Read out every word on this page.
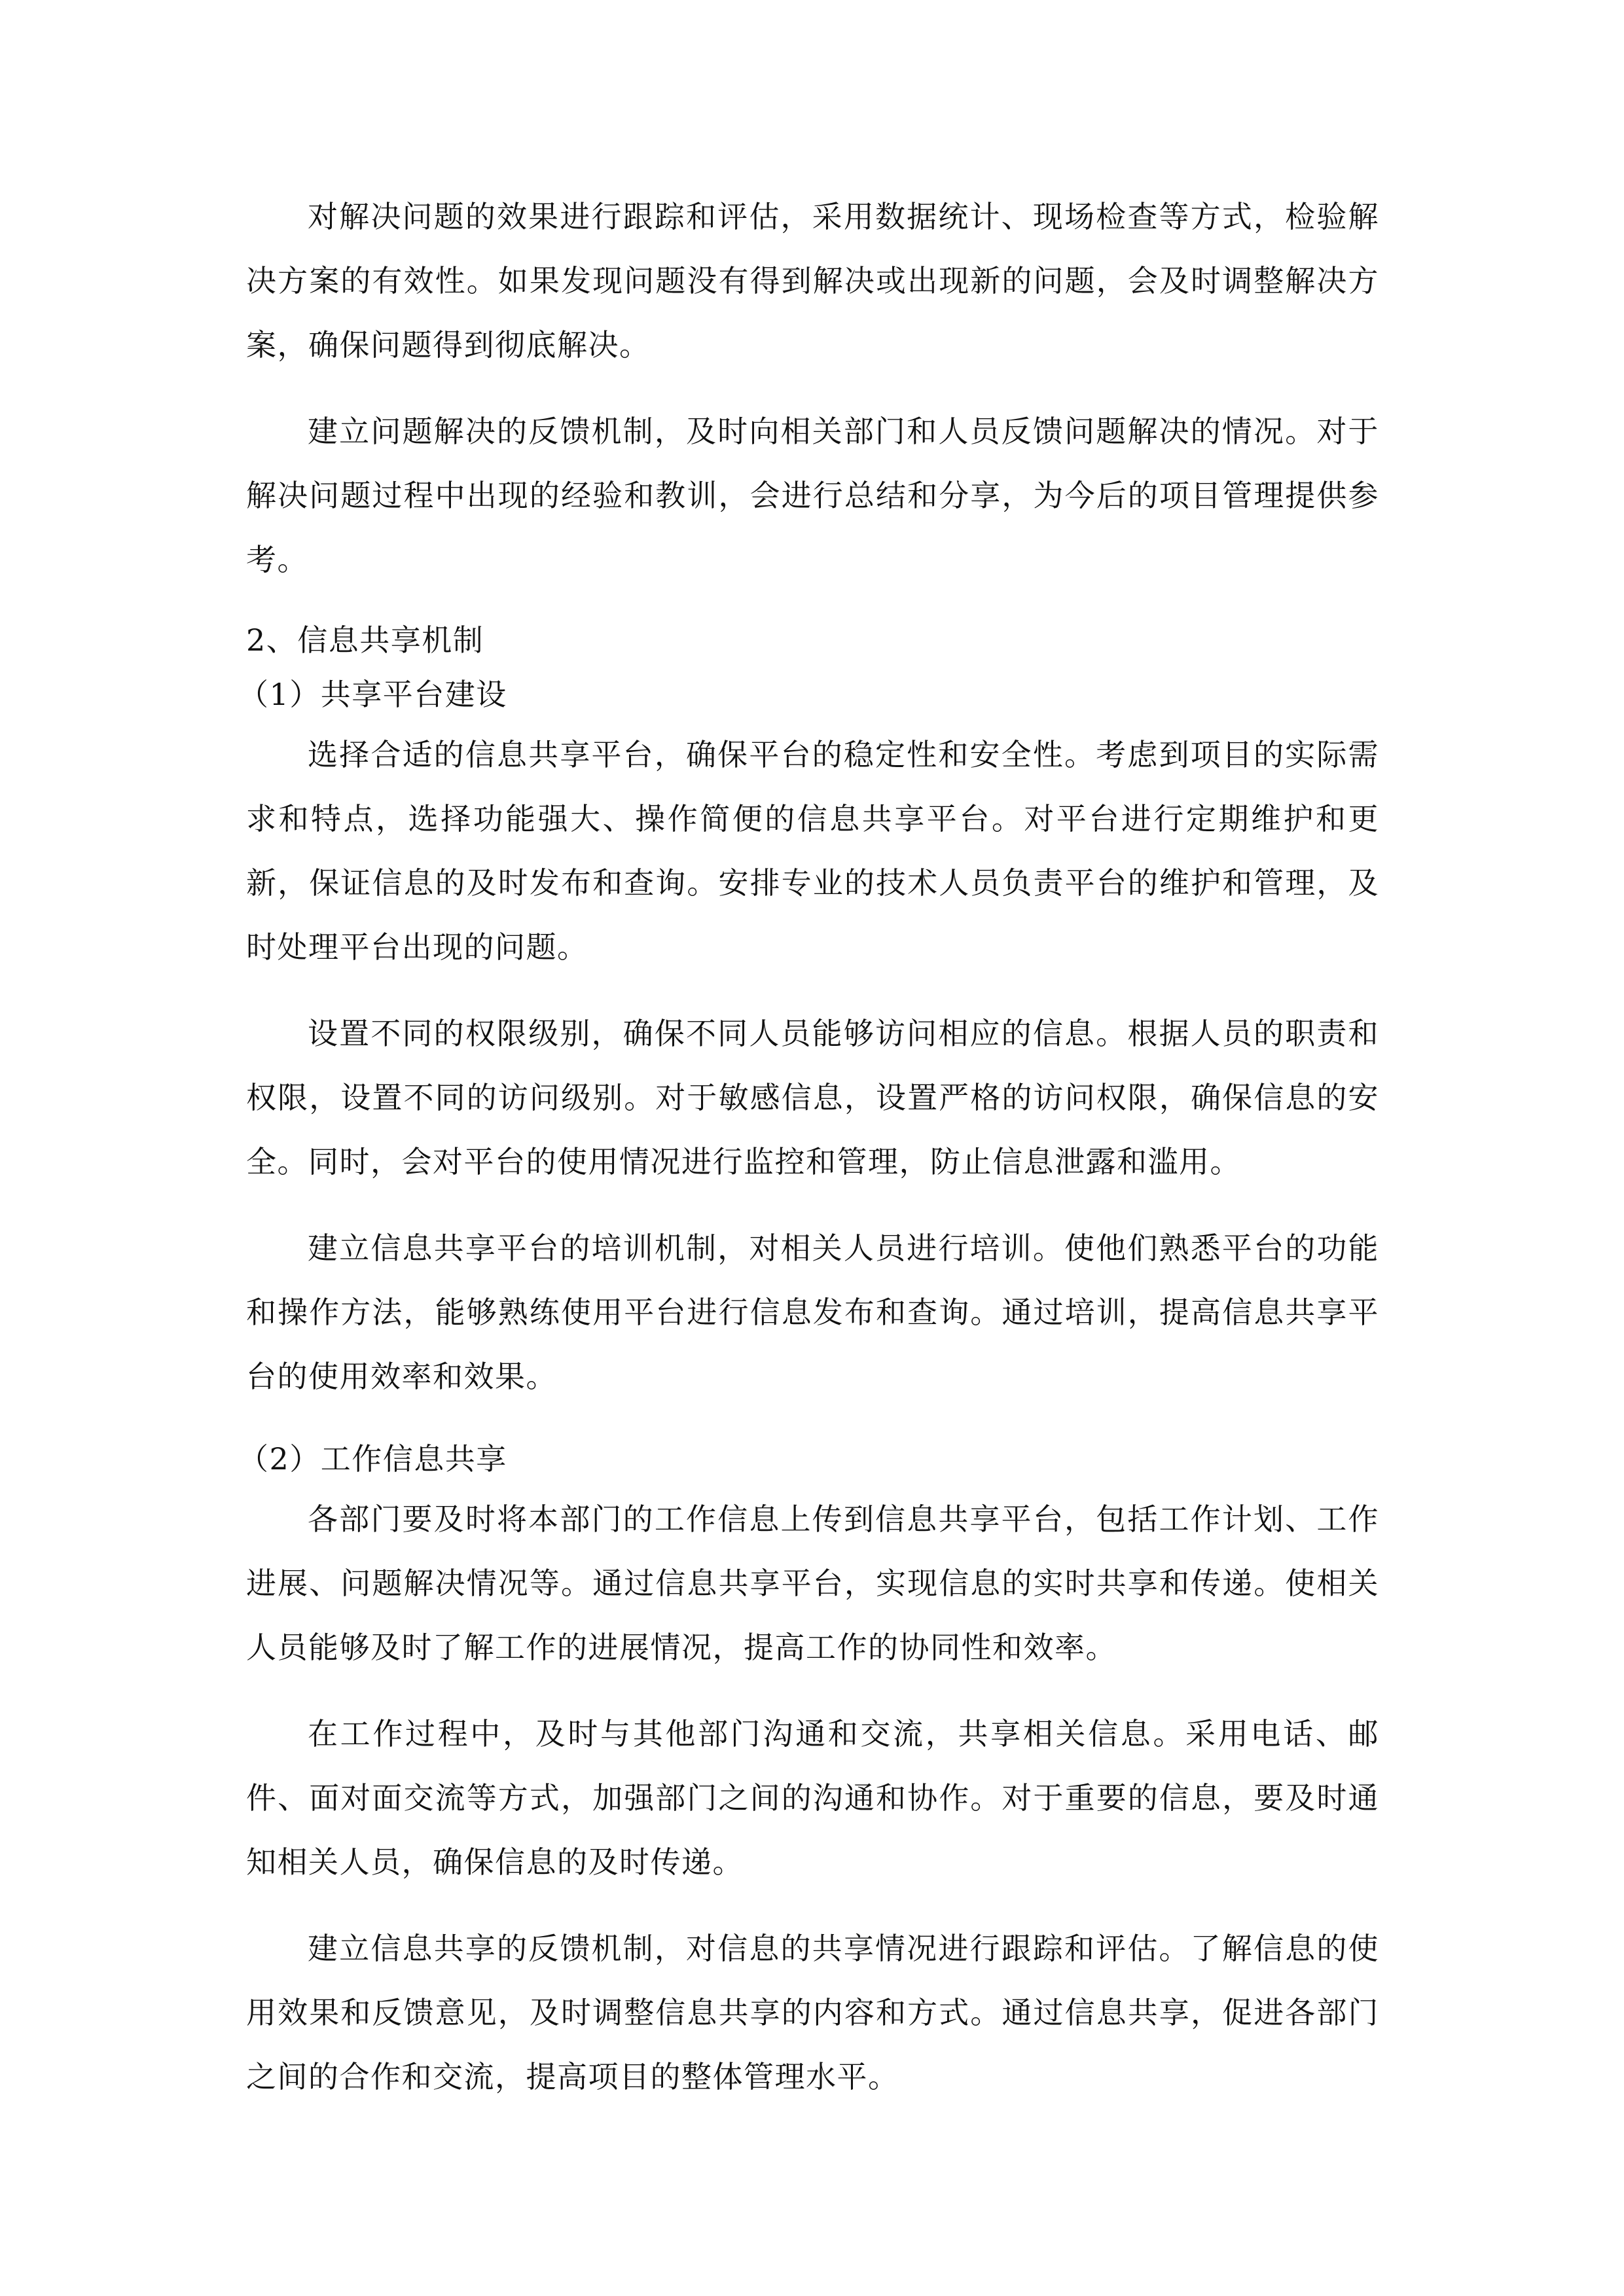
对解决问题的效果进行跟踪和评估，采用数据统计、现场检查等方式，检验解决方案的有效性。如果发现问题没有得到解决或出现新的问题，会及时调整解决方案，确保问题得到彻底解决。

建立问题解决的反馈机制，及时向相关部门和人员反馈问题解决的情况。对于解决问题过程中出现的经验和教训，会进行总结和分享，为今后的项目管理提供参考。

2、信息共享机制

（1）共享平台建设

选择合适的信息共享平台，确保平台的稳定性和安全性。考虑到项目的实际需求和特点，选择功能强大、操作简便的信息共享平台。对平台进行定期维护和更新，保证信息的及时发布和查询。安排专业的技术人员负责平台的维护和管理，及时处理平台出现的问题。

设置不同的权限级别，确保不同人员能够访问相应的信息。根据人员的职责和权限，设置不同的访问级别。对于敏感信息，设置严格的访问权限，确保信息的安全。同时，会对平台的使用情况进行监控和管理，防止信息泄露和滥用。

建立信息共享平台的培训机制，对相关人员进行培训。使他们熟悉平台的功能和操作方法，能够熟练使用平台进行信息发布和查询。通过培训，提高信息共享平台的使用效率和效果。

（2）工作信息共享

各部门要及时将本部门的工作信息上传到信息共享平台，包括工作计划、工作进展、问题解决情况等。通过信息共享平台，实现信息的实时共享和传递。使相关人员能够及时了解工作的进展情况，提高工作的协同性和效率。

在工作过程中，及时与其他部门沟通和交流，共享相关信息。采用电话、邮件、面对面交流等方式，加强部门之间的沟通和协作。对于重要的信息，要及时通知相关人员，确保信息的及时传递。

建立信息共享的反馈机制，对信息的共享情况进行跟踪和评估。了解信息的使用效果和反馈意见，及时调整信息共享的内容和方式。通过信息共享，促进各部门之间的合作和交流，提高项目的整体管理水平。
